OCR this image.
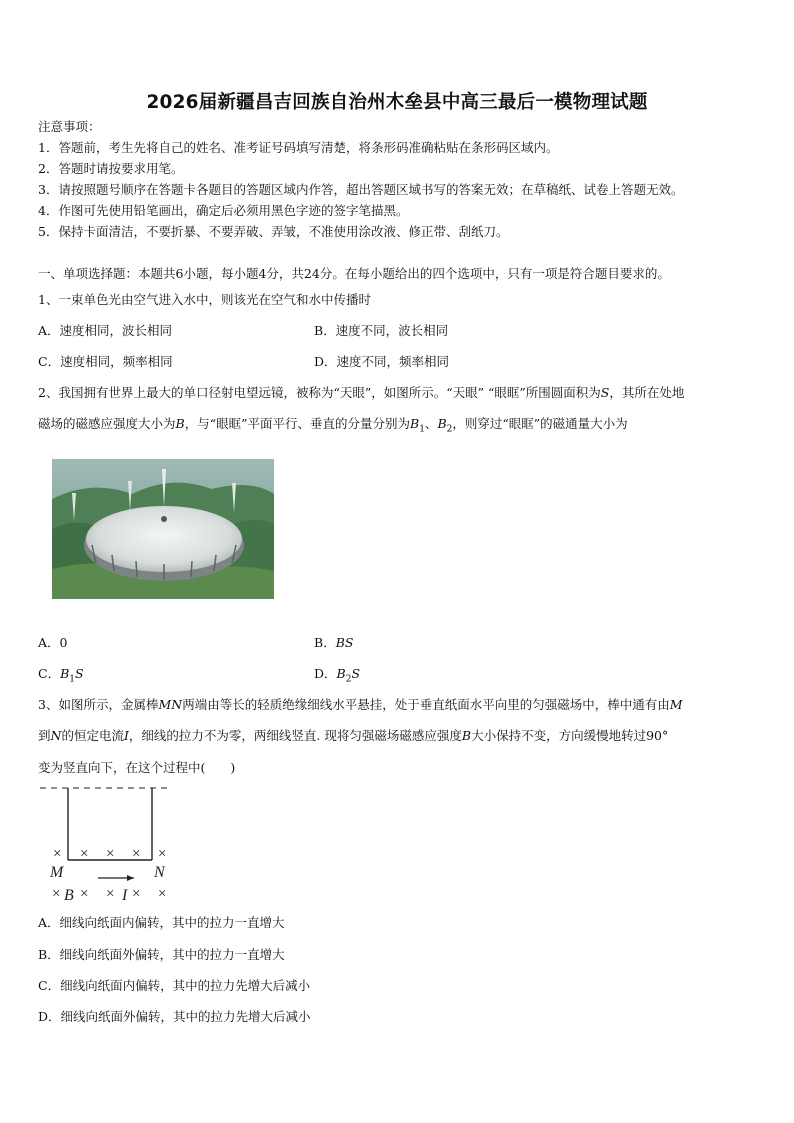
2026届新疆昌吉回族自治州木垒县中高三最后一模物理试题
注意事项：
1．答题前，考生先将自己的姓名、准考证号码填写清楚，将条形码准确粘贴在条形码区域内。
2．答题时请按要求用笔。
3．请按照题号顺序在答题卡各题目的答题区域内作答，超出答题区域书写的答案无效；在草稿纸、试卷上答题无效。
4．作图可先使用铅笔画出，确定后必须用黑色字迹的签字笔描黑。
5．保持卡面清洁，不要折暴、不要弄破、弄皱，不准使用涂改液、修正带、刮纸刀。
一、单项选择题：本题共6小题，每小题4分，共24分。在每小题给出的四个选项中，只有一项是符合题目要求的。
1、一束单色光由空气进入水中，则该光在空气和水中传播时
A．速度相同，波长相同	B．速度不同，波长相同
C．速度相同，频率相同	D．速度不同，频率相同
2、我国拥有世界上最大的单口径射电望远镜，被称为“天眼”，如图所示。“天眼” “眼眶”所围圆面积为S，其所在处地
磁场的磁感应强度大小为B，与“眼眶”平面平行、垂直的分量分别为$B_1$、$B_2$，则穿过“眼眶”的磁通量大小为
A．0	B．BS
C．$B_1S$	D．$B_2S$
3、如图所示，金属棒MN两端由等长的轻质绝缘细线水平悬挂，处于垂直纸面水平向里的匀强磁场中，棒中通有由M
到N的恒定电流I，细线的拉力不为零，两细线竖直. 现将匀强磁场磁感应强度B大小保持不变，方向缓慢地转过90°
变为竖直向下，在这个过程中(　　)
× × × × ×
× × × × ×
M	N
B	I
A．细线向纸面内偏转，其中的拉力一直增大
B．细线向纸面外偏转，其中的拉力一直增大
C．细线向纸面内偏转，其中的拉力先增大后减小
D．细线向纸面外偏转，其中的拉力先增大后减小
